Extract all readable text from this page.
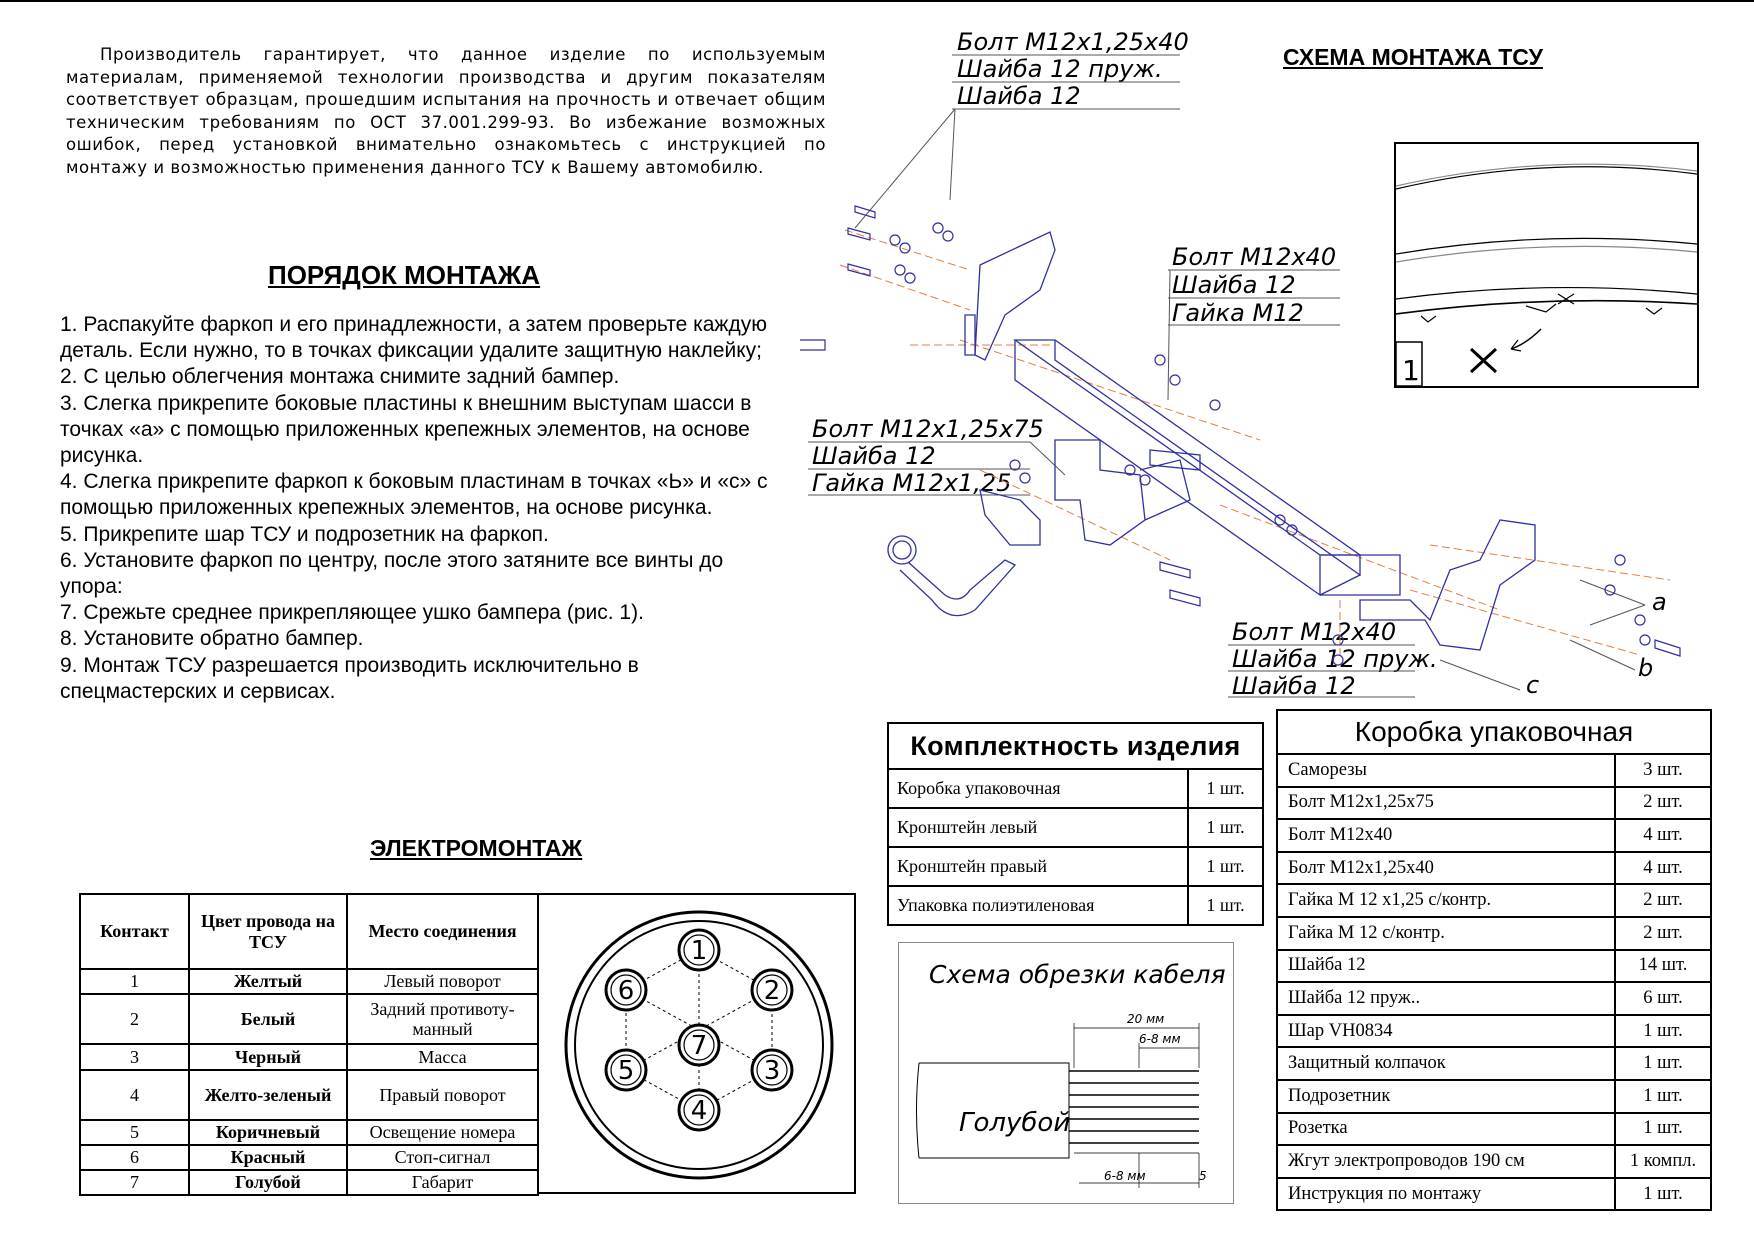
Производитель гарантирует, что данное изделие по используемым материалам, применяемой технологии производства и другим показателям соответствует образцам, прошедшим испытания на прочность и отвечает общим техническим требованиям по ОСТ 37.001.299-93. Во избежание возможных ошибок, перед установкой внимательно ознакомьтесь с инструкцией по монтажу и возможностью применения данного ТСУ к Вашему автомобилю.
ПОРЯДОК МОНТАЖА

1. Распакуйте фаркоп и его принадлежности, а затем проверьте каждую деталь. Если нужно, то в точках фиксации удалите защитную наклейку;

2. С целью облегчения монтажа снимите задний бампер.

3. Слегка прикрепите боковые пластины к внешним выступам шасси в точках «a» с помощью приложенных крепежных элементов, на основе рисунка.

4. Слегка прикрепите фаркоп к боковым пластинам в точках «Ь» и «c» с помощью приложенных крепежных элементов, на основе рисунка.

5. Прикрепите шар ТСУ и подрозетник на фаркоп.

6. Установите фаркоп по центру, после этого затяните все винты до упора:

7. Срежьте среднее прикрепляющее ушко бампера (рис. 1).

8. Установите обратно бампер.

9. Монтаж ТСУ разрешается производить исключительно в спецмастерских и сервисах.

ЭЛЕКТРОМОНТАЖ
Контакт	Цвет провода на ТСУ	Место соединения
1	Желтый	Левый поворот
2	Белый	Задний противоту-манный
3	Черный	Масса
4	Желто-зеленый	Правый поворот
5	Коричневый	Освещение номера
6	Красный	Стоп-сигнал
7	Голубой	Габарит
1
2
3
4
5
6
7
СХЕМА МОНТАЖА ТСУ
Болт М12х1,25х40
Шайба 12 пруж.
Шайба 12
Болт М12х40
Шайба 12
Гайка М12
Болт М12х1,25х75
Шайба 12
Гайка М12х1,25
Болт М12х40
Шайба 12 пруж.
Шайба 12
a
b
c
1
Комплектность изделия	
Коробка упаковочная	1 шт.
Кронштейн левый	1 шт.
Кронштейн правый	1 шт.
Упаковка полиэтиленовая	1 шт.
Коробка упаковочная	
Саморезы	3 шт.
Болт М12х1,25х75	2 шт.
Болт М12х40	4 шт.
Болт М12х1,25х40	4 шт.
Гайка М 12 х1,25 с/контр.	2 шт.
Гайка М 12 с/контр.	2 шт.
Шайба 12	14 шт.
Шайба 12 пруж..	6 шт.
Шар VH0834	1 шт.
Защитный колпачок	1 шт.
Подрозетник	1 шт.
Розетка	1 шт.
Жгут электропроводов 190 см	1 компл.
Инструкция по монтажу	1 шт.
Схема обрезки кабеля
20 мм
6-8 мм
6-8 мм	5
Голубой
